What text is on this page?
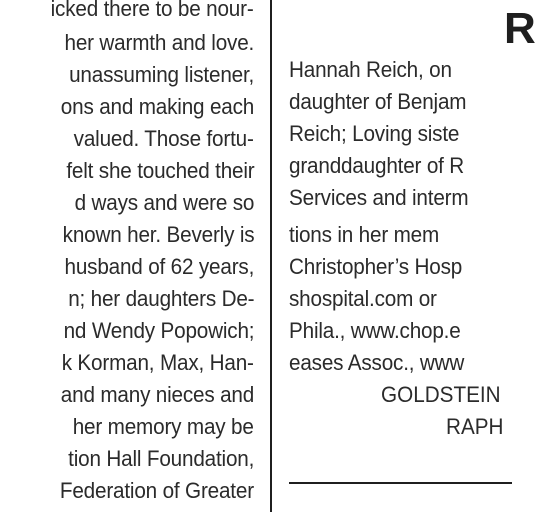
icked there to be nour-
her warmth and love.
unassuming listener,
ons and making each
valued. Those fortu-
felt she touched their
d ways and were so
known her. Beverly is
husband of 62 years,
n; her daughters De-
nd Wendy Popowich;
k Korman, Max, Han-
and many nieces and
her memory may be
tion Hall Foundation,
Federation of Greater
R
Hannah Reich, on
daughter of Benjam
Reich; Loving siste
granddaughter of R
Services and interm
tions in her mem
Christopher’s Hosp
shospital.com or
Phila., www.chop.e
eases Assoc., www
GOLDSTEIN
RAPH
